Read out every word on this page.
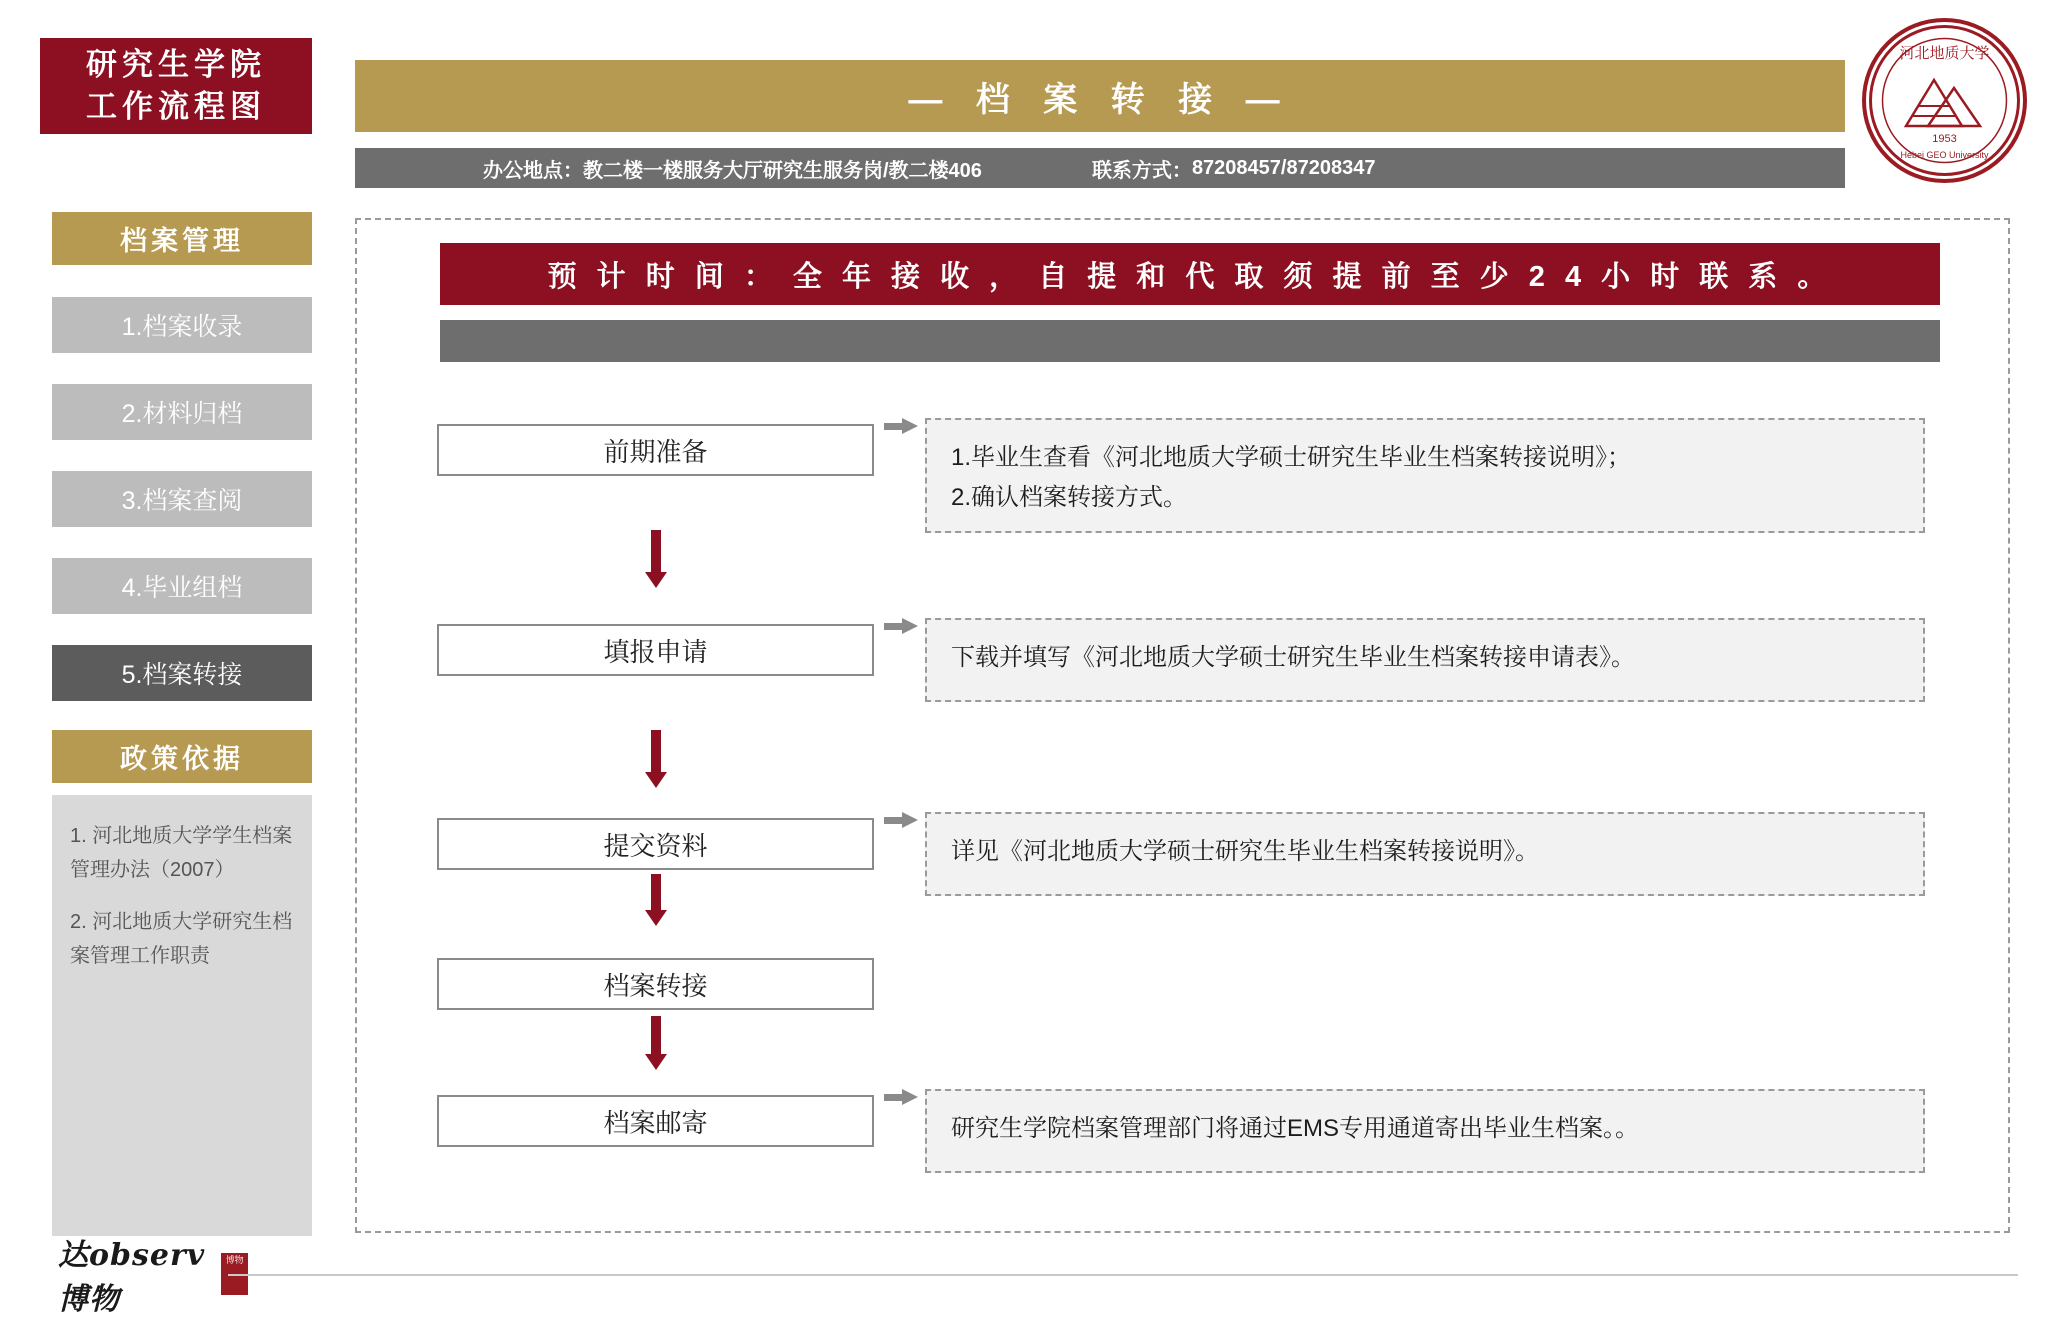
研究生学院
工作流程图
档案管理
1.档案收录
2.材料归档
3.档案查阅
4.毕业组档
5.档案转接
政策依据
1. 河北地质大学学生档案管理办法（2007）
2. 河北地质大学研究生档案管理工作职责
达observ博物
博物
— 档 案 转 接 —
办公地点： 教二楼一楼服务大厅研究生服务岗/教二楼406	联系方式： 87208457/87208347
河北地质大学
1953
Hebei GEO University
预 计 时 间 ： 全 年 接 收 ， 自 提 和 代 取 须 提 前 至 少 2 4 小 时 联 系 。
前期准备	1.毕业生查看《河北地质大学硕士研究生毕业生档案转接说明》；
2.确认档案转接方式。
填报申请	下载并填写《河北地质大学硕士研究生毕业生档案转接申请表》。
提交资料	详见《河北地质大学硕士研究生毕业生档案转接说明》。
档案转接
档案邮寄	研究生学院档案管理部门将通过EMS专用通道寄出毕业生档案。。
